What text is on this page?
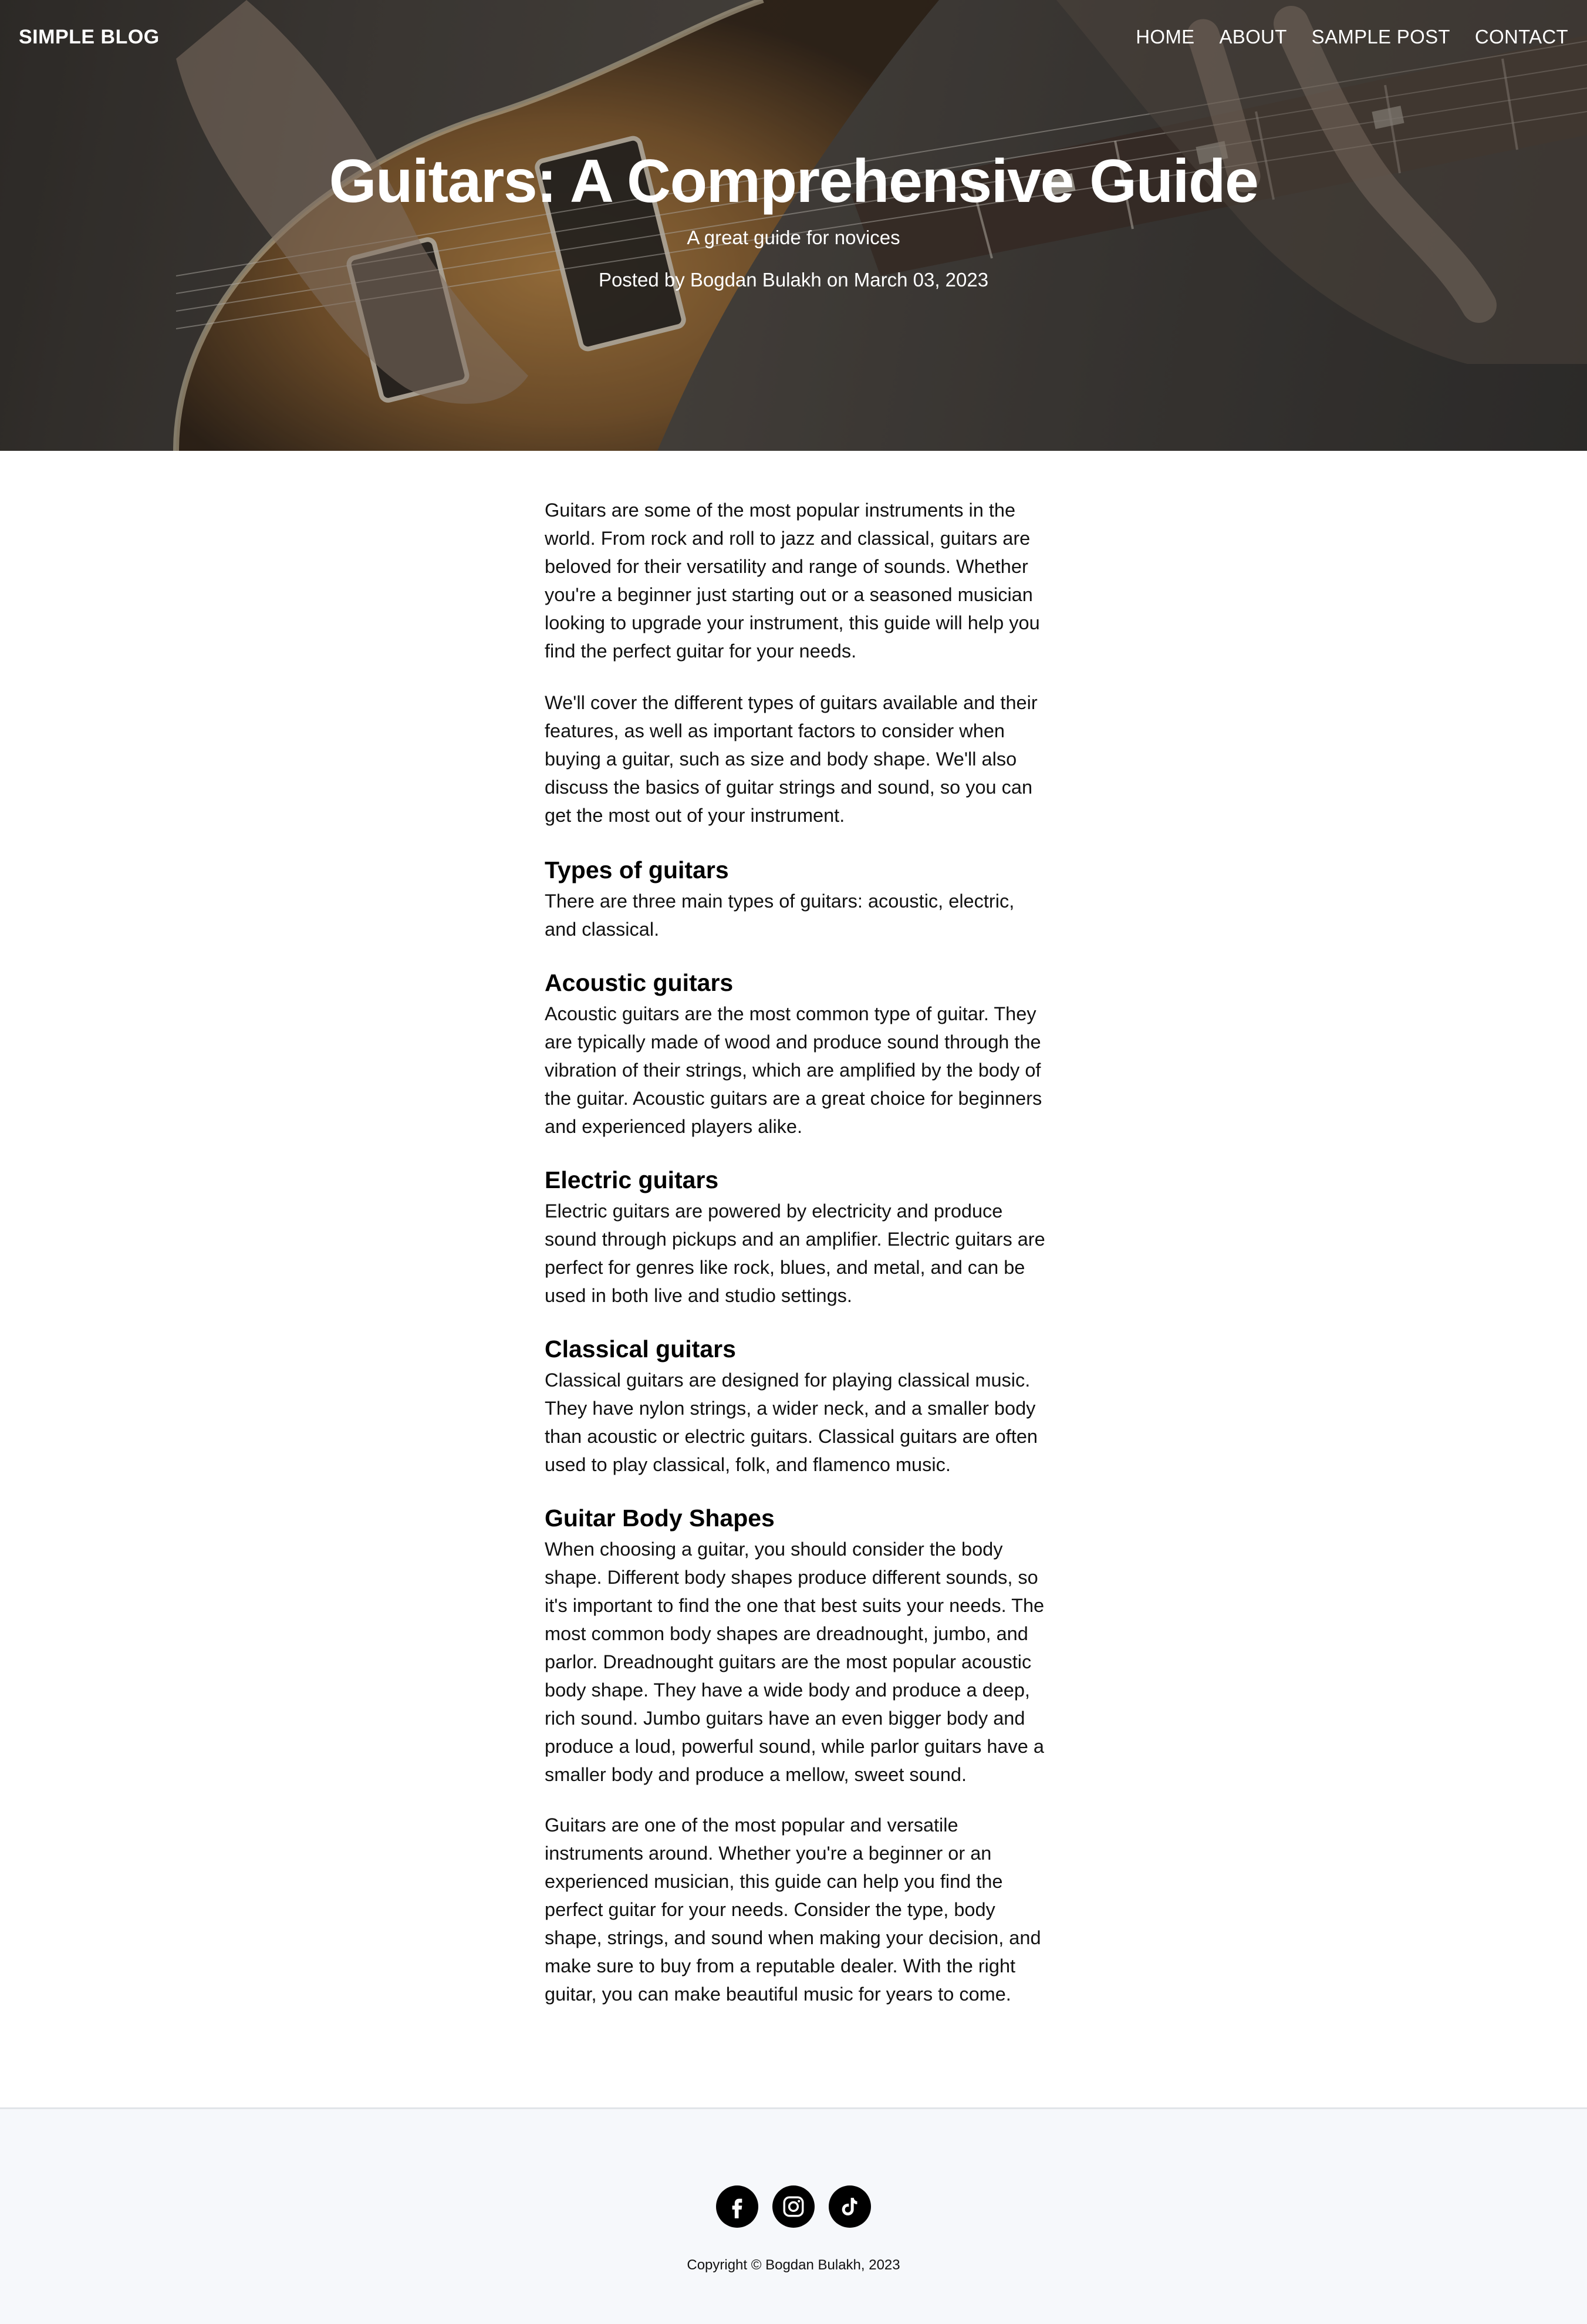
SIMPLE BLOG	HOME ABOUT SAMPLE POST CONTACT
Guitars: A Comprehensive Guide
A great guide for novices
Posted by Bogdan Bulakh on March 03, 2023

Guitars are some of the most popular instruments in the world. From rock and roll to jazz and classical, guitars are beloved for their versatility and range of sounds. Whether you're a beginner just starting out or a seasoned musician looking to upgrade your instrument, this guide will help you find the perfect guitar for your needs.

We'll cover the different types of guitars available and their features, as well as important factors to consider when buying a guitar, such as size and body shape. We'll also discuss the basics of guitar strings and sound, so you can get the most out of your instrument.

Types of guitars

There are three main types of guitars: acoustic, electric, and classical.

Acoustic guitars

Acoustic guitars are the most common type of guitar. They are typically made of wood and produce sound through the vibration of their strings, which are amplified by the body of the guitar. Acoustic guitars are a great choice for beginners and experienced players alike.

Electric guitars

Electric guitars are powered by electricity and produce sound through pickups and an amplifier. Electric guitars are perfect for genres like rock, blues, and metal, and can be used in both live and studio settings.

Classical guitars

Classical guitars are designed for playing classical music. They have nylon strings, a wider neck, and a smaller body than acoustic or electric guitars. Classical guitars are often used to play classical, folk, and flamenco music.

Guitar Body Shapes

When choosing a guitar, you should consider the body shape. Different body shapes produce different sounds, so it's important to find the one that best suits your needs. The most common body shapes are dreadnought, jumbo, and parlor. Dreadnought guitars are the most popular acoustic body shape. They have a wide body and produce a deep, rich sound. Jumbo guitars have an even bigger body and produce a loud, powerful sound, while parlor guitars have a smaller body and produce a mellow, sweet sound.

Guitars are one of the most popular and versatile instruments around. Whether you're a beginner or an experienced musician, this guide can help you find the perfect guitar for your needs. Consider the type, body shape, strings, and sound when making your decision, and make sure to buy from a reputable dealer. With the right guitar, you can make beautiful music for years to come.

Copyright © Bogdan Bulakh, 2023
